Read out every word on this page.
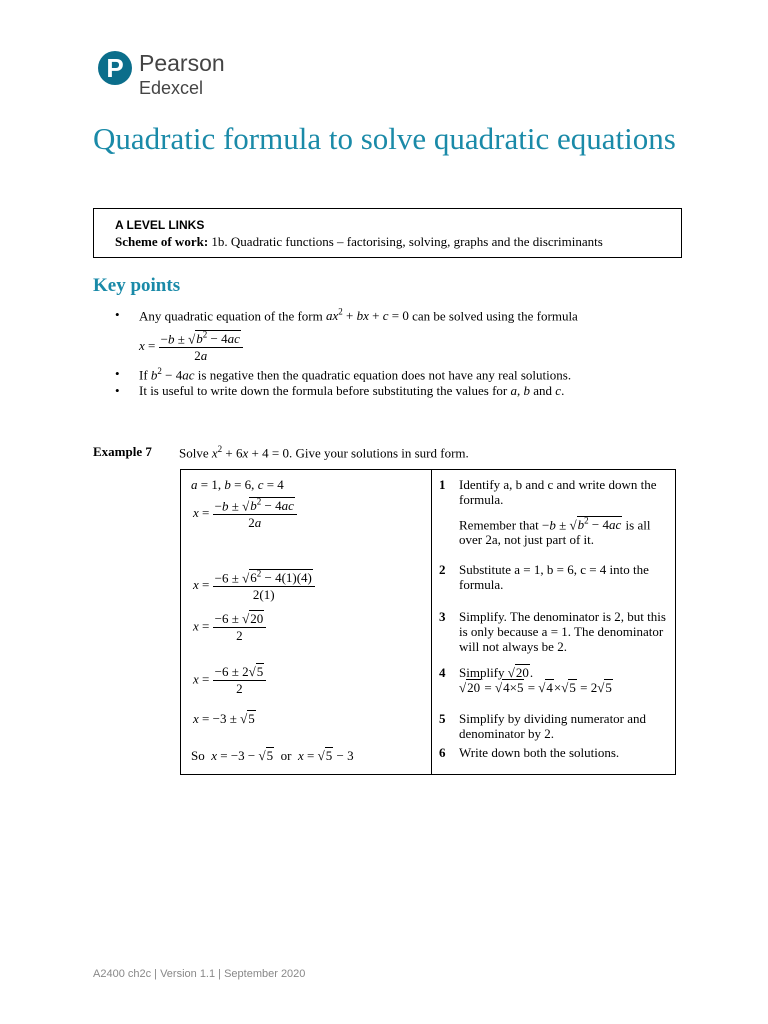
P Pearson
Edexcel
Quadratic formula to solve quadratic equations
A LEVEL LINKS
Scheme of work: 1b. Quadratic functions – factorising, solving, graphs and the discriminants
Key points
• Any quadratic equation of the form $ax^2$ + bx + c = 0 can be solved using the formula
$x = \frac{-b \pm √b^2 - 4ac}{2a}$
• If $b^2 - 4ac$ is negative then the quadratic equation does not have any real solutions.
• It is useful to write down the formula before substituting the values for a, b and c.
Example 7 Solve $x^2 + 6x + 4 = 0$. Give your solutions in surd form.
a = 1, b = 6, c = 4
$x = \frac{-b \pm √b^2 - 4ac}{2a}$
$x = \frac{-6 \pm √6^2 - 4(1)(4)}{2(1)}$
$x = \frac{-6 \pm √20}{2}$
$x = \frac{-6 \pm 2√5}{2}$
x = −3 ± √5
So x = −3 − √5 or x = √5 − 3
1 Identify a, b and c and write down the formula.
Remember that $-b \pm √b^2 - 4ac$ is all over 2a, not just part of it.
2 Substitute a = 1, b = 6, c = 4 into the formula.
3 Simplify. The denominator is 2, but this is only because a = 1. The denominator will not always be 2.
4 Simplify √20.
√20 = √4×5 = √4×√5 = 2√5
5 Simplify by dividing numerator and denominator by 2.
6 Write down both the solutions.
A2400 ch2c | Version 1.1 | September 2020
